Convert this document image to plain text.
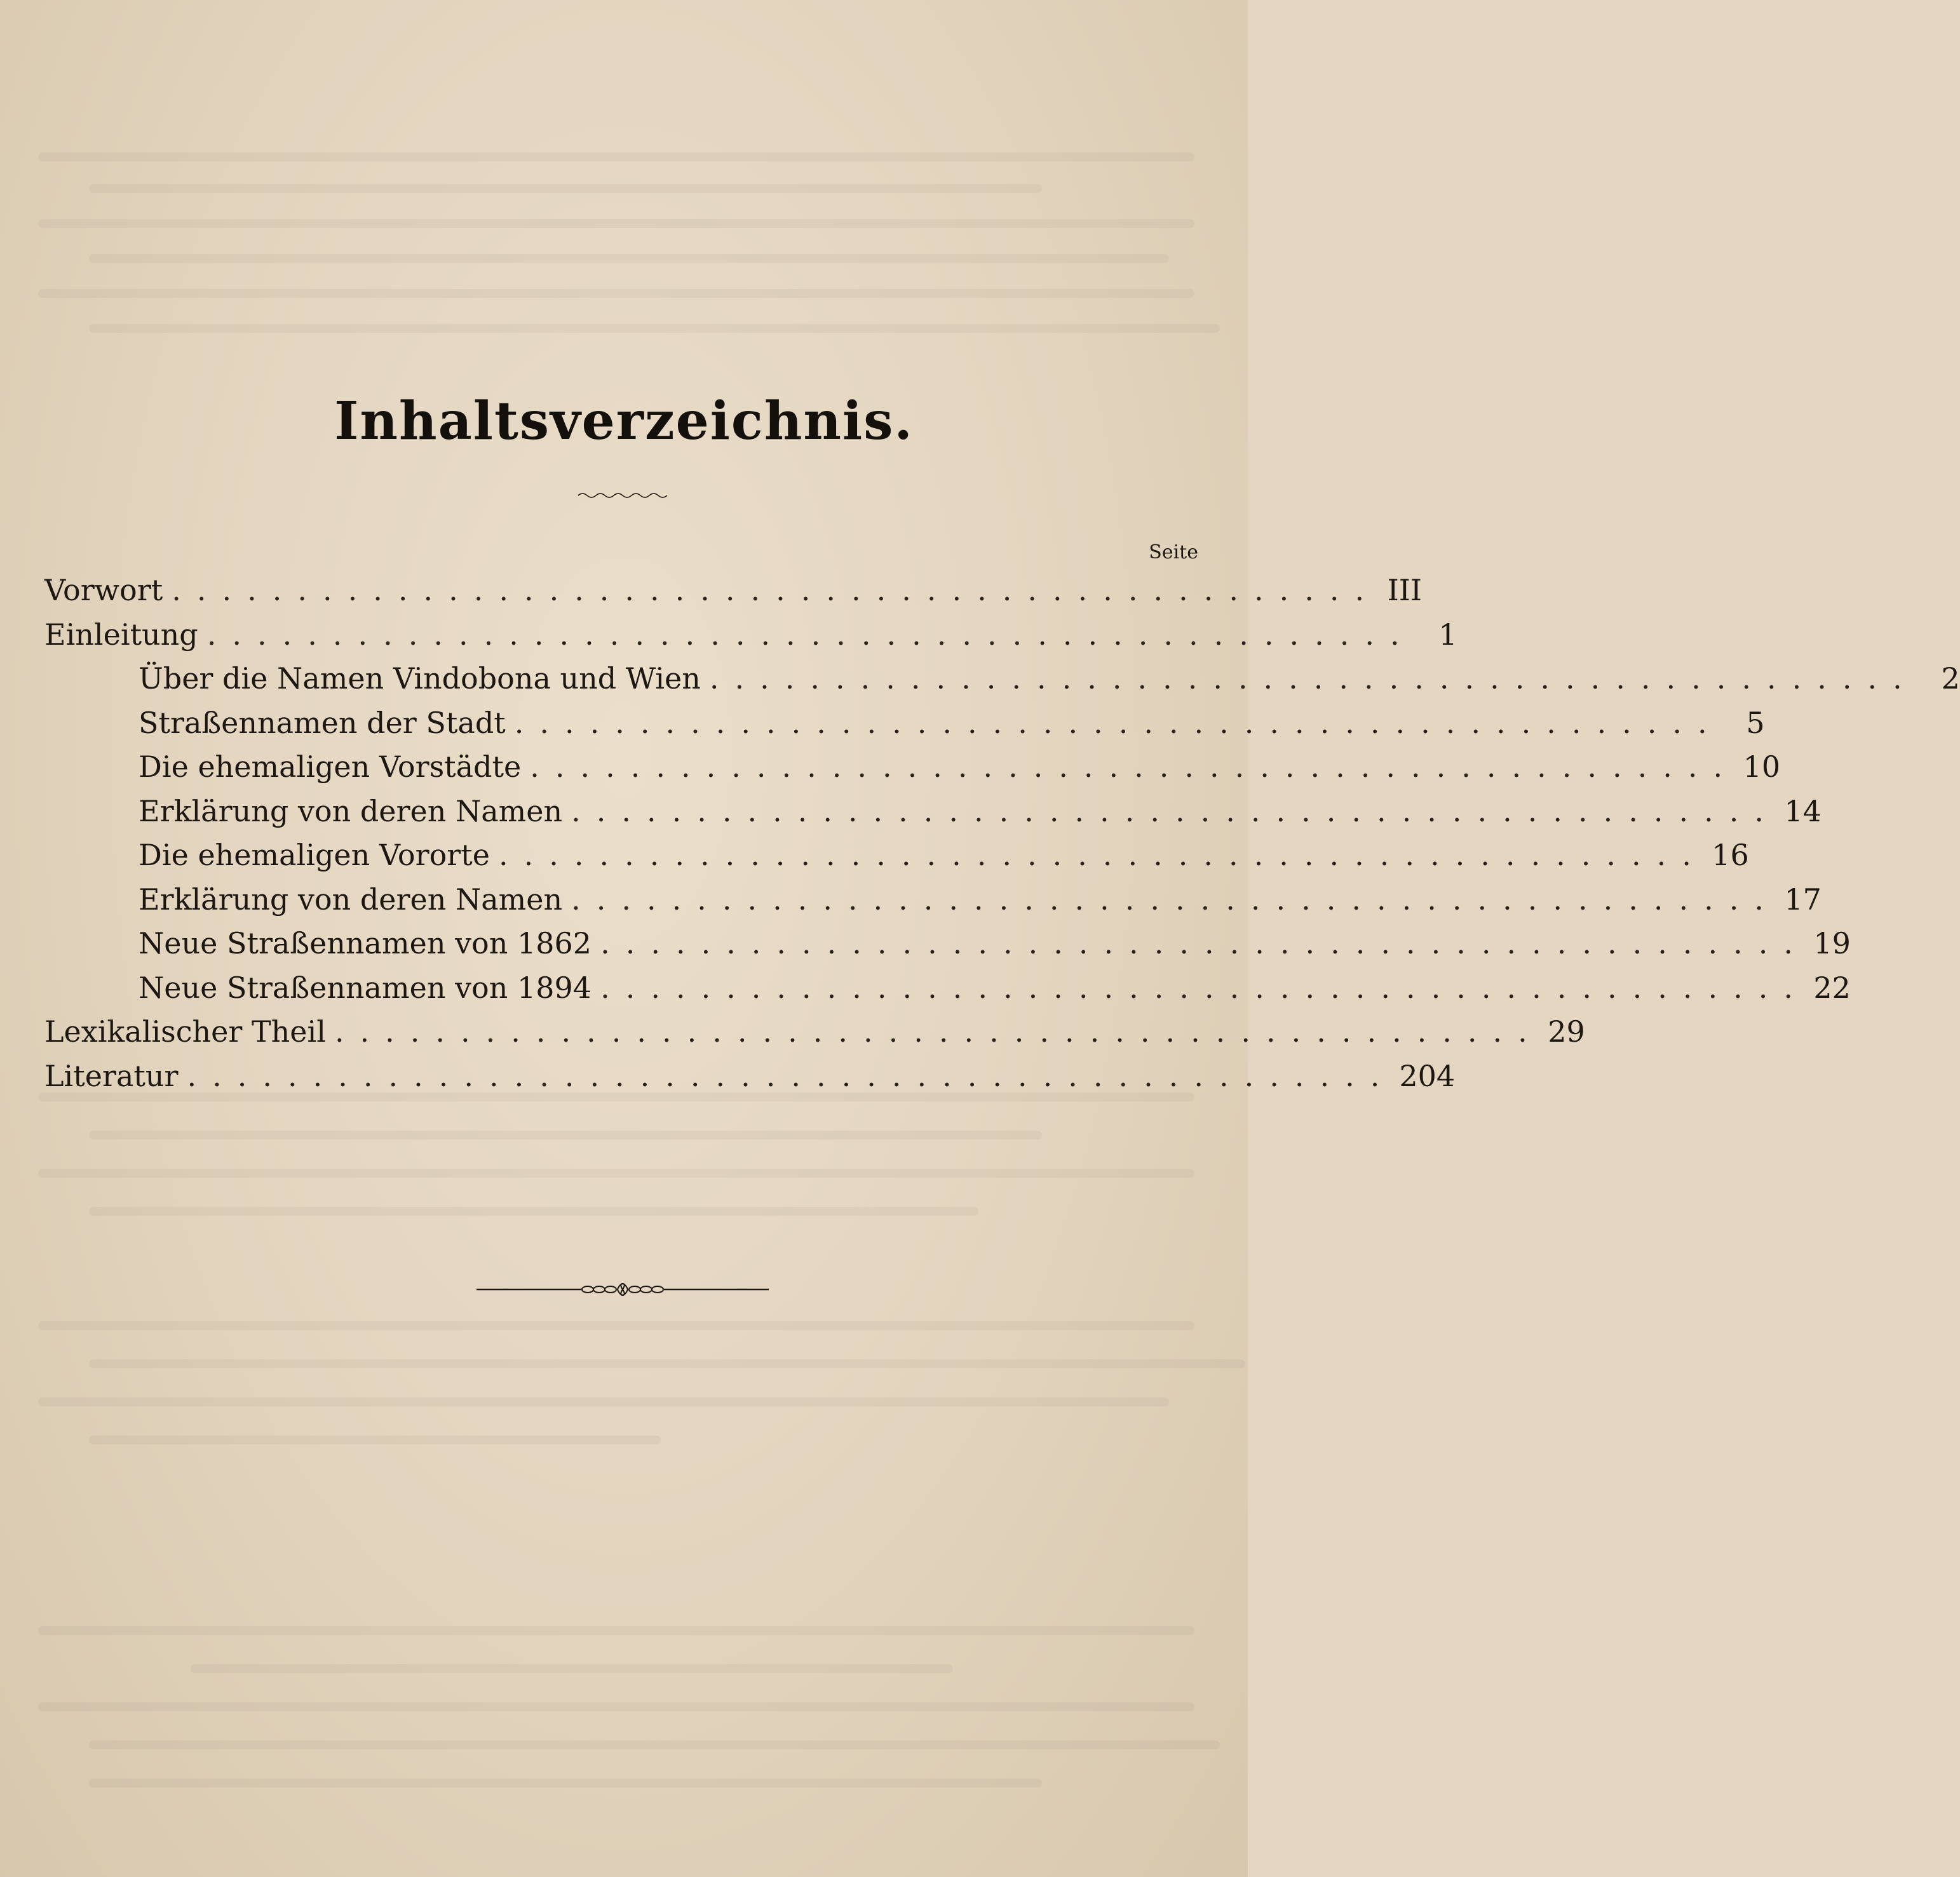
Inhaltsverzeichnis.
Seite
Vorwort ................................................ III
Einleitung ................................................ 1
Über die Namen Vindobona und Wien ................................................ 2
Straßennamen der Stadt ................................................ 5
Die ehemaligen Vorstädte ................................................ 10
Erklärung von deren Namen ................................................ 14
Die ehemaligen Vororte ................................................ 16
Erklärung von deren Namen ................................................ 17
Neue Straßennamen von 1862 ................................................ 19
Neue Straßennamen von 1894 ................................................ 22
Lexikalischer Theil ................................................ 29
Literatur ................................................ 204
